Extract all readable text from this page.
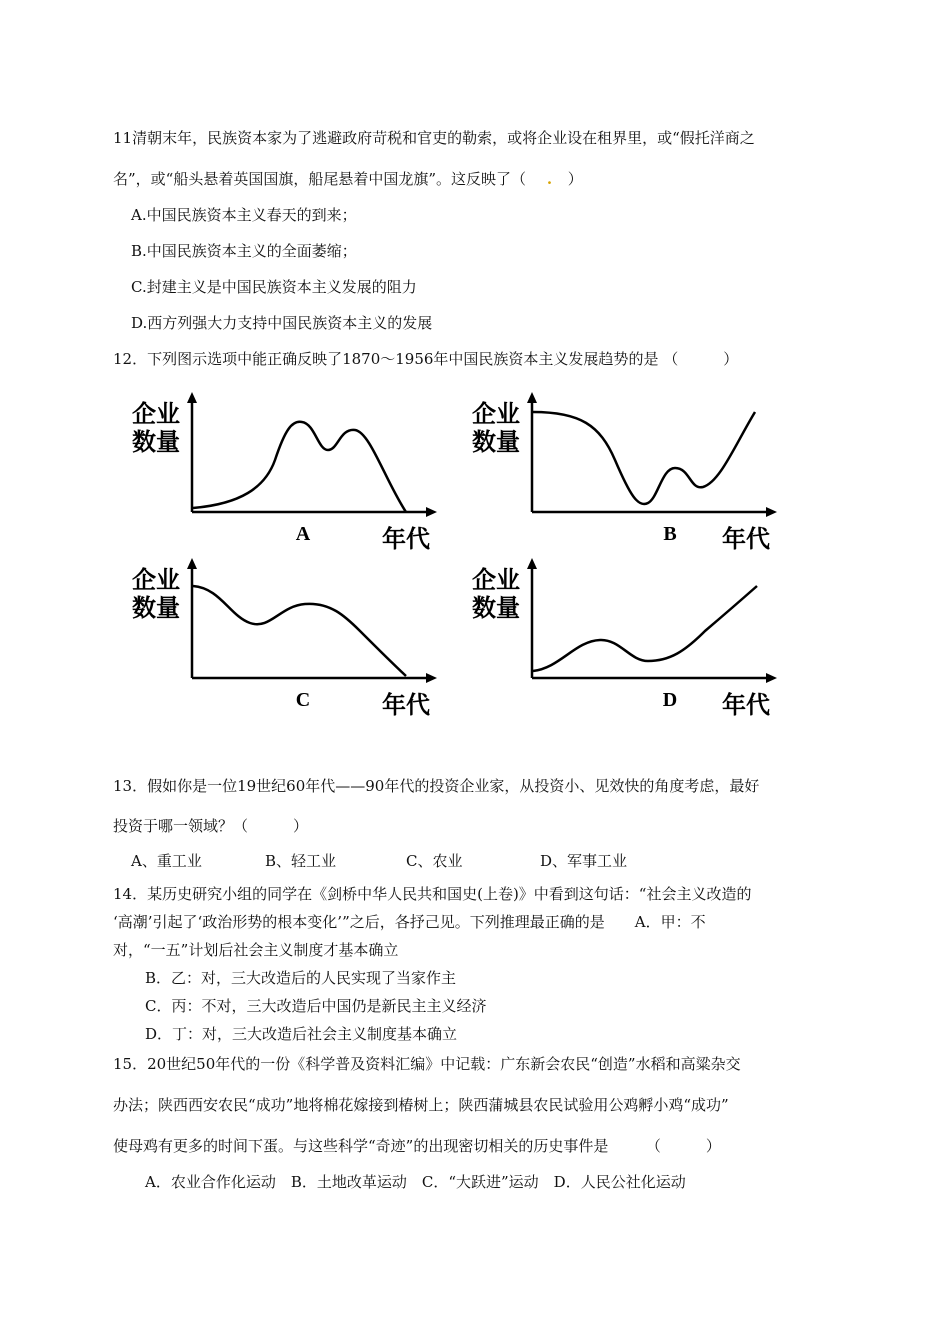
11清朝末年，民族资本家为了逃避政府苛税和官吏的勒索，或将企业设在租界里，或“假托洋商之
名”，或“船头悬着英国国旗，船尾悬着中国龙旗”。这反映了（    .   ）
A.中国民族资本主义春天的到来；
B.中国民族资本主义的全面萎缩；
C.封建主义是中国民族资本主义发展的阻力
D.西方列强大力支持中国民族资本主义的发展
12．下列图示选项中能正确反映了1870～1956年中国民族资本主义发展趋势的是 （　　　）
企业
数量
A	年代
企业
数量
B 年代
企业
数量
C	年代
企业
数量
D 年代
13．假如你是一位19世纪60年代——90年代的投资企业家，从投资小、见效快的角度考虑，最好
投资于哪一领域？（　　　）
A、重工业	B、轻工业	C、农业	D、军事工业
14．某历史研究小组的同学在《剑桥中华人民共和国史(上卷)》中看到这句话：“社会主义改造的
‘高潮’引起了‘政治形势的根本变化’”之后，各抒己见。下列推理最正确的是　　A．甲：不
对，“一五”计划后社会主义制度才基本确立
B．乙：对，三大改造后的人民实现了当家作主
C．丙：不对，三大改造后中国仍是新民主主义经济
D．丁：对，三大改造后社会主义制度基本确立
15．20世纪50年代的一份《科学普及资料汇编》中记载：广东新会农民“创造”水稻和高粱杂交
办法；陕西西安农民“成功”地将棉花嫁接到椿树上；陕西蒲城县农民试验用公鸡孵小鸡“成功”
使母鸡有更多的时间下蛋。与这些科学“奇迹”的出现密切相关的历史事件是　　　（　　　）
A．农业合作化运动　B．土地改革运动　C．“大跃进”运动　D．人民公社化运动
